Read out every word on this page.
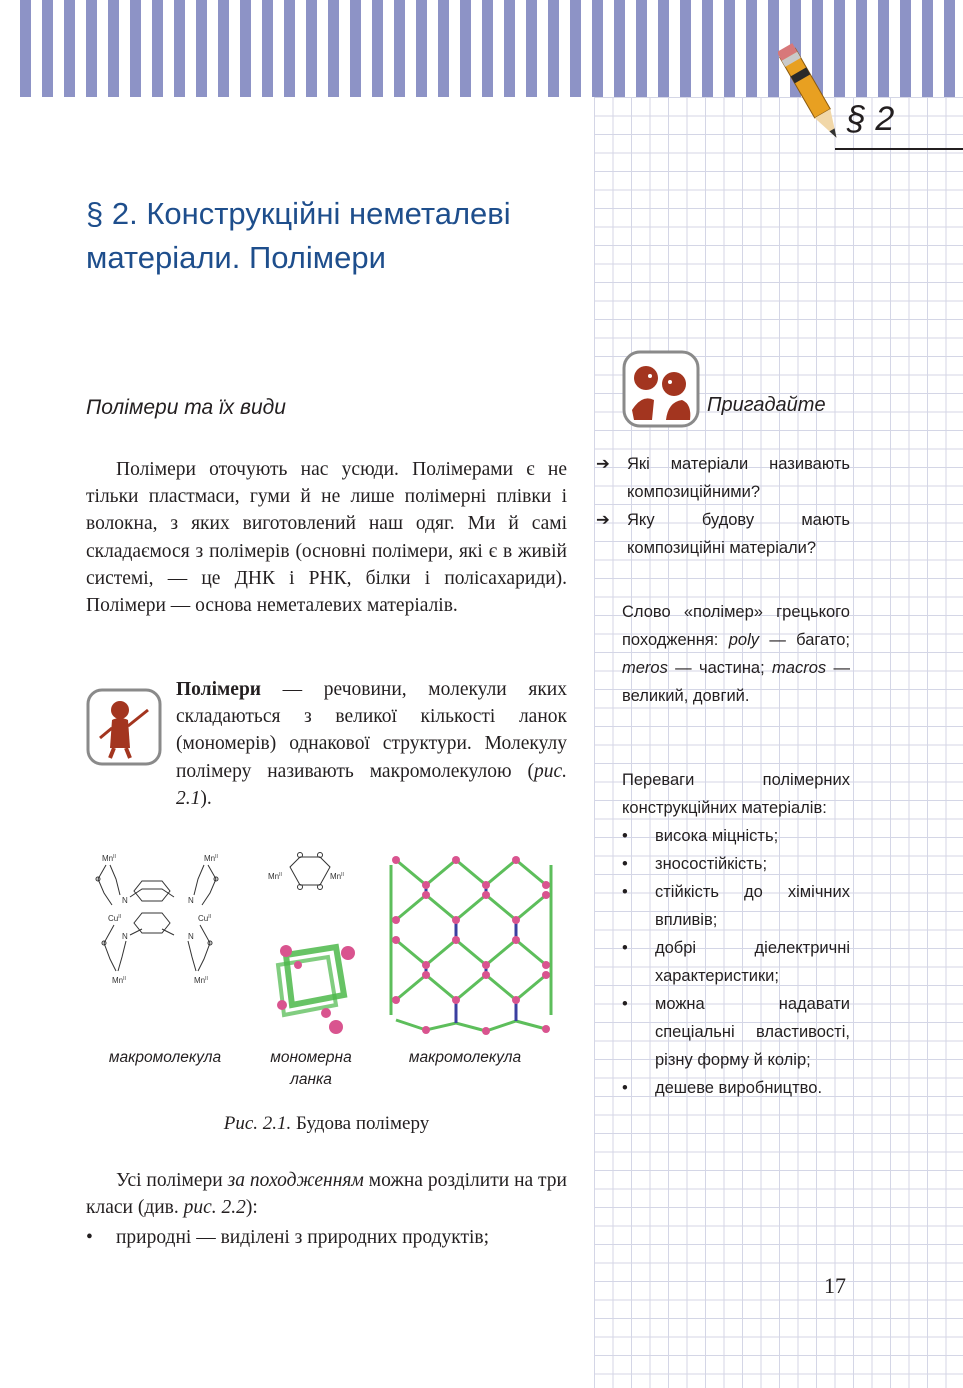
§ 2
§ 2. Конструкційні неметалеві
матеріали. Полімери
Полімери та їх види
Полімери оточують нас усюди. Полімерами є не тільки пластмаси, гуми й не лише полімерні плівки і волокна, з яких виготовлений наш одяг. Ми й самі складаємося з полімерів (основні полімери, які є в живій системі, — це ДНК і РНК, білки і полісахариди). Полімери — основа неметалевих матеріалів.
Полімери — речовини, молекули яких складаються з великої кількості ланок (мономерів) однакової структури. Молекулу полімеру називають макромолекулою (рис. 2.1).
$Mn^{II}$	$Mn^{II}$
$Mn^{II}$	$Mn^{II}$
$Cu^{II}$	$Cu^{II}$
N
N
N
N
$Mn^{II}$	$Mn^{II}$
макромолекула	мономерна ланка
макромолекула
Рис. 2.1. Будова полімеру
Усі полімери за походженням можна розділити на три класи (див. рис. 2.2):
• природні — виділені з природних продуктів;
Пригадайте
➔	Які матеріали називають композиційними?
➔	Яку будову мають композиційні матеріали?
Слово «полімер» грецького походження: poly — багато; meros — частина; macros — великий, довгий.
Переваги полімерних конструкційних матеріалів:
• висока міцність;
• зносостійкість;
• стійкість до хімічних впливів;
• добрі діелектричні характеристики;
• можна надавати спеціальні властивості, різну форму й колір;
• дешеве виробництво.
17
